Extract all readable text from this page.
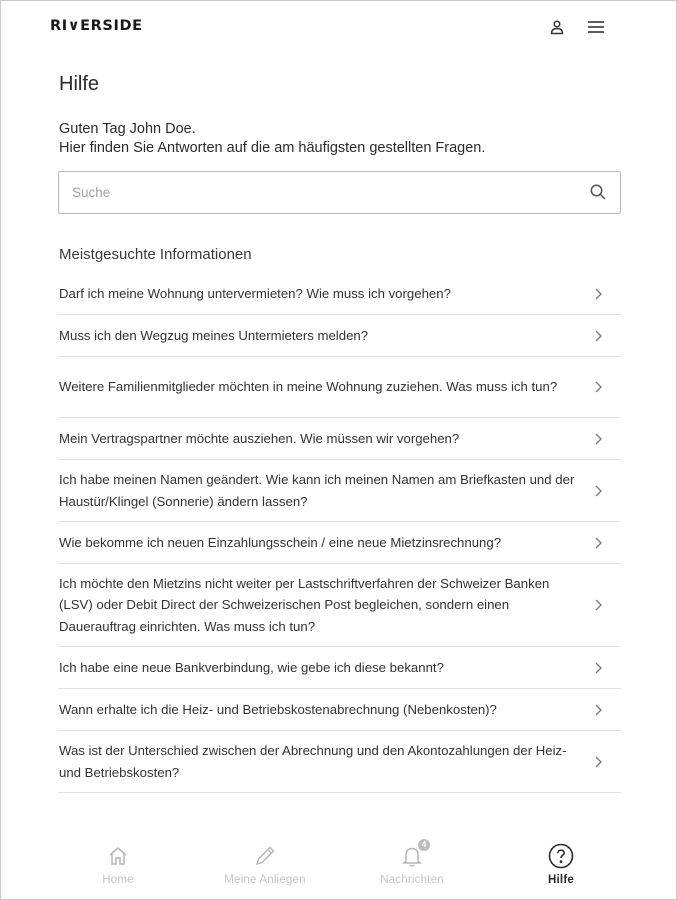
RI∨ERSIDE
Hilfe
Guten Tag John Doe.
Hier finden Sie Antworten auf die am häufigsten gestellten Fragen.
Suche
Meistgesuchte Informationen
Darf ich meine Wohnung untervermieten? Wie muss ich vorgehen?
Muss ich den Wegzug meines Untermieters melden?
Weitere Familienmitglieder möchten in meine Wohnung zuziehen. Was muss ich tun?
Mein Vertragspartner möchte ausziehen. Wie müssen wir vorgehen?
Ich habe meinen Namen geändert. Wie kann ich meinen Namen am Briefkasten und der Haustür/Klingel (Sonnerie) ändern lassen?
Wie bekomme ich neuen Einzahlungsschein / eine neue Mietzinsrechnung?
Ich möchte den Mietzins nicht weiter per Lastschriftverfahren der Schweizer Banken (LSV) oder Debit Direct der Schweizerischen Post begleichen, sondern einen Dauerauftrag einrichten. Was muss ich tun?
Ich habe eine neue Bankverbindung, wie gebe ich diese bekannt?
Wann erhalte ich die Heiz- und Betriebskostenabrechnung (Nebenkosten)?
Was ist der Unterschied zwischen der Abrechnung und den Akontozahlungen der Heiz- und Betriebskosten?
Home	Meine Anliegen
4
Nachrichten	Hilfe
